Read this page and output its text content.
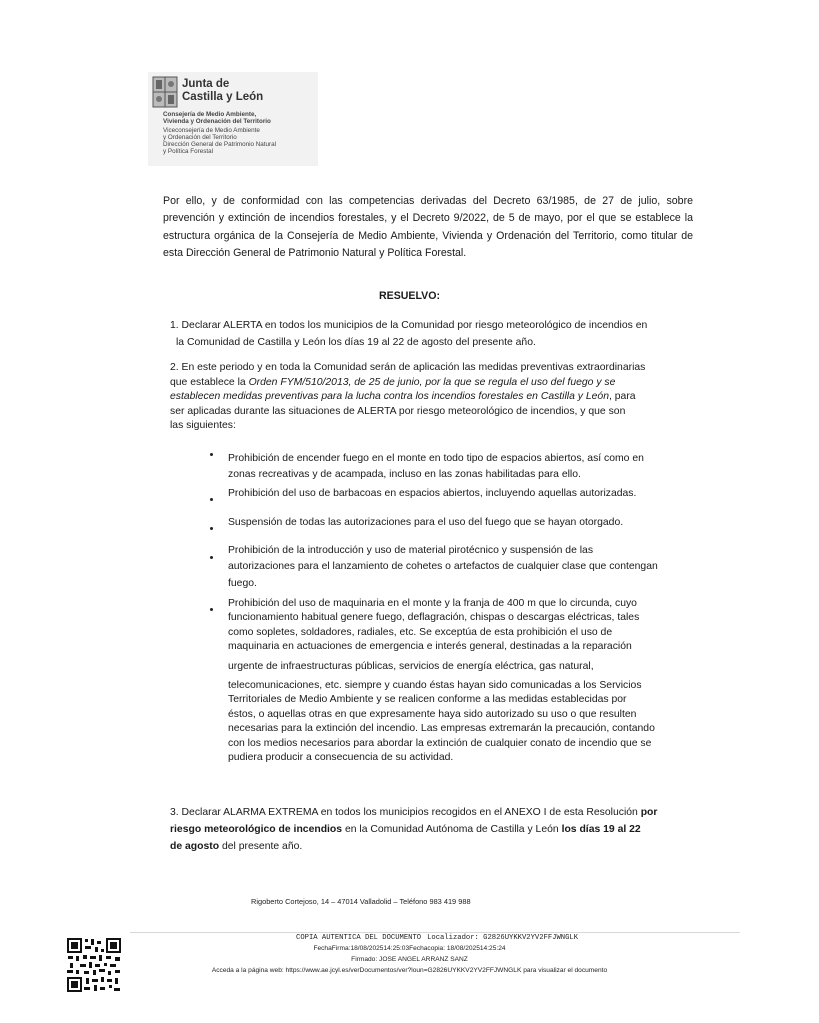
Junta de
Castilla y León
Consejería de Medio Ambiente,
Vivienda y Ordenación del Territorio
Viceconsejería de Medio Ambiente
y Ordenación del Territorio
Dirección General de Patrimonio Natural
y Política Forestal
Por ello, y de conformidad con las competencias derivadas del Decreto 63/1985, de 27 de julio, sobre prevención y extinción de incendios forestales, y el Decreto 9/2022, de 5 de mayo, por el que se establece la estructura orgánica de la Consejería de Medio Ambiente, Vivienda y Ordenación del Territorio, como titular de esta Dirección General de Patrimonio Natural y Política Forestal.
RESUELVO:
1. Declarar ALERTA en todos los municipios de la Comunidad por riesgo meteorológico de incendios en
la Comunidad de Castilla y León los días 19 al 22 de agosto del presente año.
2. En este periodo y en toda la Comunidad serán de aplicación las medidas preventivas extraordinarias
que establece la Orden FYM/510/2013, de 25 de junio, por la que se regula el uso del fuego y se
establecen medidas preventivas para la lucha contra los incendios forestales en Castilla y León, para
ser aplicadas durante las situaciones de ALERTA por riesgo meteorológico de incendios, y que son
las siguientes:
Prohibición de encender fuego en el monte en todo tipo de espacios abiertos, así como en
zonas recreativas y de acampada, incluso en las zonas habilitadas para ello.
Prohibición del uso de barbacoas en espacios abiertos, incluyendo aquellas autorizadas.
Suspensión de todas las autorizaciones para el uso del fuego que se hayan otorgado.
Prohibición de la introducción y uso de material pirotécnico y suspensión de las
autorizaciones para el lanzamiento de cohetes o artefactos de cualquier clase que contengan
fuego.
Prohibición del uso de maquinaria en el monte y la franja de 400 m que lo circunda, cuyo
funcionamiento habitual genere fuego, deflagración, chispas o descargas eléctricas, tales
como sopletes, soldadores, radiales, etc. Se exceptúa de esta prohibición el uso de
maquinaria en actuaciones de emergencia e interés general, destinadas a la reparación
urgente de infraestructuras públicas, servicios de energía eléctrica, gas natural,
telecomunicaciones, etc. siempre y cuando éstas hayan sido comunicadas a los Servicios
Territoriales de Medio Ambiente y se realicen conforme a las medidas establecidas por
éstos, o aquellas otras en que expresamente haya sido autorizado su uso o que resulten
necesarias para la extinción del incendio. Las empresas extremarán la precaución, contando
con los medios necesarios para abordar la extinción de cualquier conato de incendio que se
pudiera producir a consecuencia de su actividad.
3. Declarar ALARMA EXTREMA en todos los municipios recogidos en el ANEXO I de esta Resolución por
riesgo meteorológico de incendios en la Comunidad Autónoma de Castilla y León los días 19 al 22
de agosto del presente año.
Rigoberto Cortejoso, 14 – 47014 Valladolid – Teléfono 983 419 988
COPIA AUTENTICA DEL DOCUMENTO Localizador: G2826UYKKV2YV2FFJWNGLK
FechaFirma:18/08/202514:25:03Fechacopia: 18/08/202514:25:24
Firmado: JOSE ANGEL ARRANZ SANZ
Acceda a la página web: https://www.ae.jcyl.es/verDocumentos/ver?loun=G2826UYKKV2YV2FFJWNGLK para visualizar el documento
